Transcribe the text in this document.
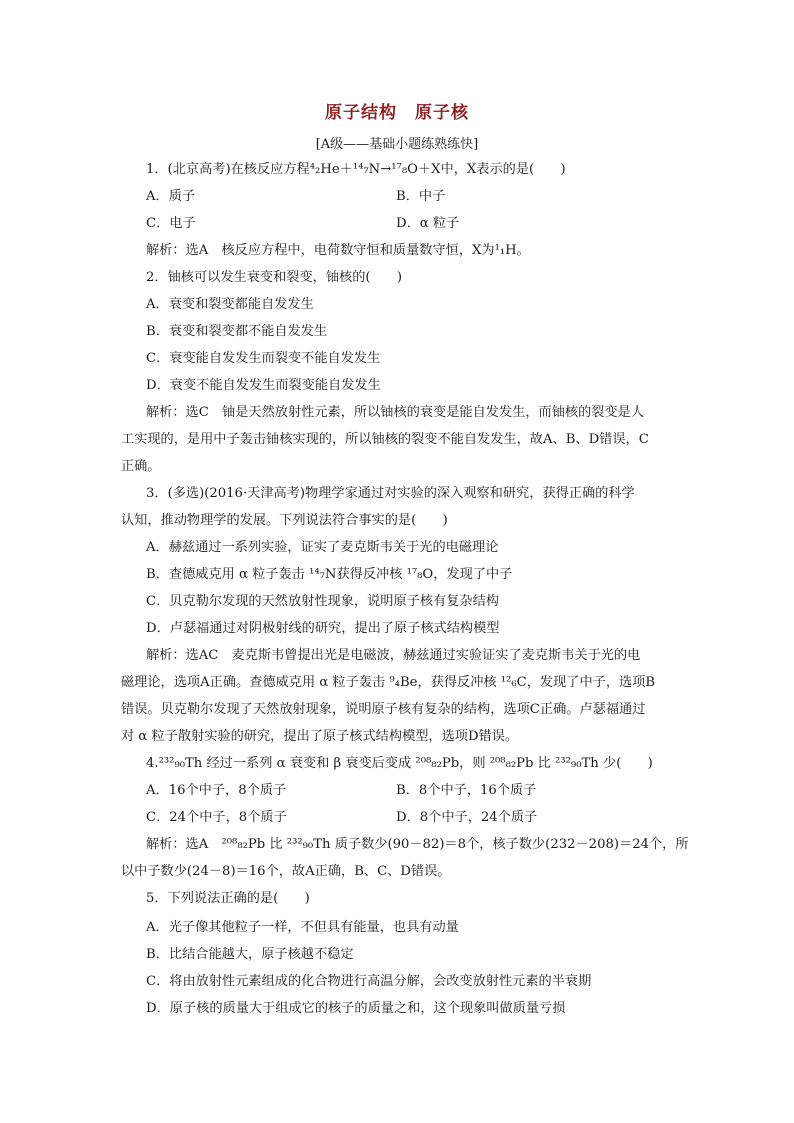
原子结构　原子核
[A级——基础小题练熟练快]
1．(北京高考)在核反应方程⁴₂He＋¹⁴₇N→¹⁷₈O＋X中，X表示的是(　　)
A．质子	B．中子
C．电子	D．α 粒子
解析：选A　核反应方程中，电荷数守恒和质量数守恒，X为¹₁H。
2．铀核可以发生衰变和裂变，铀核的(　　)
A．衰变和裂变都能自发发生
B．衰变和裂变都不能自发发生
C．衰变能自发发生而裂变不能自发发生
D．衰变不能自发发生而裂变能自发发生
解析：选C　铀是天然放射性元素，所以铀核的衰变是能自发发生，而铀核的裂变是人
工实现的，是用中子轰击铀核实现的，所以铀核的裂变不能自发发生，故A、B、D错误，C
正确。
3．(多选)(2016·天津高考)物理学家通过对实验的深入观察和研究，获得正确的科学
认知，推动物理学的发展。下列说法符合事实的是(　　)
A．赫兹通过一系列实验，证实了麦克斯韦关于光的电磁理论
B．查德威克用 α 粒子轰击 ¹⁴₇N获得反冲核 ¹⁷₈O，发现了中子
C．贝克勒尔发现的天然放射性现象，说明原子核有复杂结构
D．卢瑟福通过对阴极射线的研究，提出了原子核式结构模型
解析：选AC　麦克斯韦曾提出光是电磁波，赫兹通过实验证实了麦克斯韦关于光的电
磁理论，选项A正确。查德威克用 α 粒子轰击 ⁹₄Be，获得反冲核 ¹²₆C，发现了中子，选项B
错误。贝克勒尔发现了天然放射现象，说明原子核有复杂的结构，选项C正确。卢瑟福通过
对 α 粒子散射实验的研究，提出了原子核式结构模型，选项D错误。
4.²³²₉₀Th 经过一系列 α 衰变和 β 衰变后变成 ²⁰⁸₈₂Pb，则 ²⁰⁸₈₂Pb 比 ²³²₉₀Th 少(　　)
A．16个中子，8个质子	B．8个中子，16个质子
C．24个中子，8个质子	D．8个中子，24个质子
解析：选A　²⁰⁸₈₂Pb 比 ²³²₉₀Th 质子数少(90－82)＝8个，核子数少(232－208)＝24个，所
以中子数少(24－8)＝16个，故A正确，B、C、D错误。
5．下列说法正确的是(　　)
A．光子像其他粒子一样，不但具有能量，也具有动量
B．比结合能越大，原子核越不稳定
C．将由放射性元素组成的化合物进行高温分解，会改变放射性元素的半衰期
D．原子核的质量大于组成它的核子的质量之和，这个现象叫做质量亏损
